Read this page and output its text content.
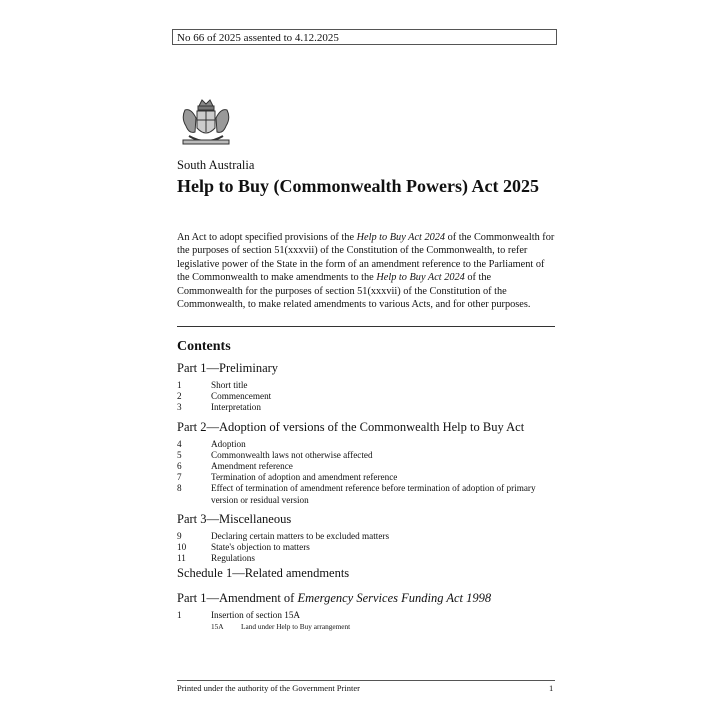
No 66 of 2025 assented to 4.12.2025
South Australia
Help to Buy (Commonwealth Powers) Act 2025

An Act to adopt specified provisions of the Help to Buy Act 2024 of the Commonwealth for the purposes of section 51(xxxvii) of the Constitution of the Commonwealth, to refer legislative power of the State in the form of an amendment reference to the Parliament of the Commonwealth to make amendments to the Help to Buy Act 2024 of the Commonwealth for the purposes of section 51(xxxvii) of the Constitution of the Commonwealth, to make related amendments to various Acts, and for other purposes.

Contents
Part 1—Preliminary
1	Short title
2	Commencement
3	Interpretation
Part 2—Adoption of versions of the Commonwealth Help to Buy Act
4	Adoption
5	Commonwealth laws not otherwise affected
6	Amendment reference
7	Termination of adoption and amendment reference
8	Effect of termination of amendment reference before termination of adoption of primary version or residual version
Part 3—Miscellaneous
9	Declaring certain matters to be excluded matters
10	State's objection to matters
11	Regulations
Schedule 1—Related amendments
Part 1—Amendment of Emergency Services Funding Act 1998
1	Insertion of section 15A
15A	Land under Help to Buy arrangement
Printed under the authority of the Government Printer	1
